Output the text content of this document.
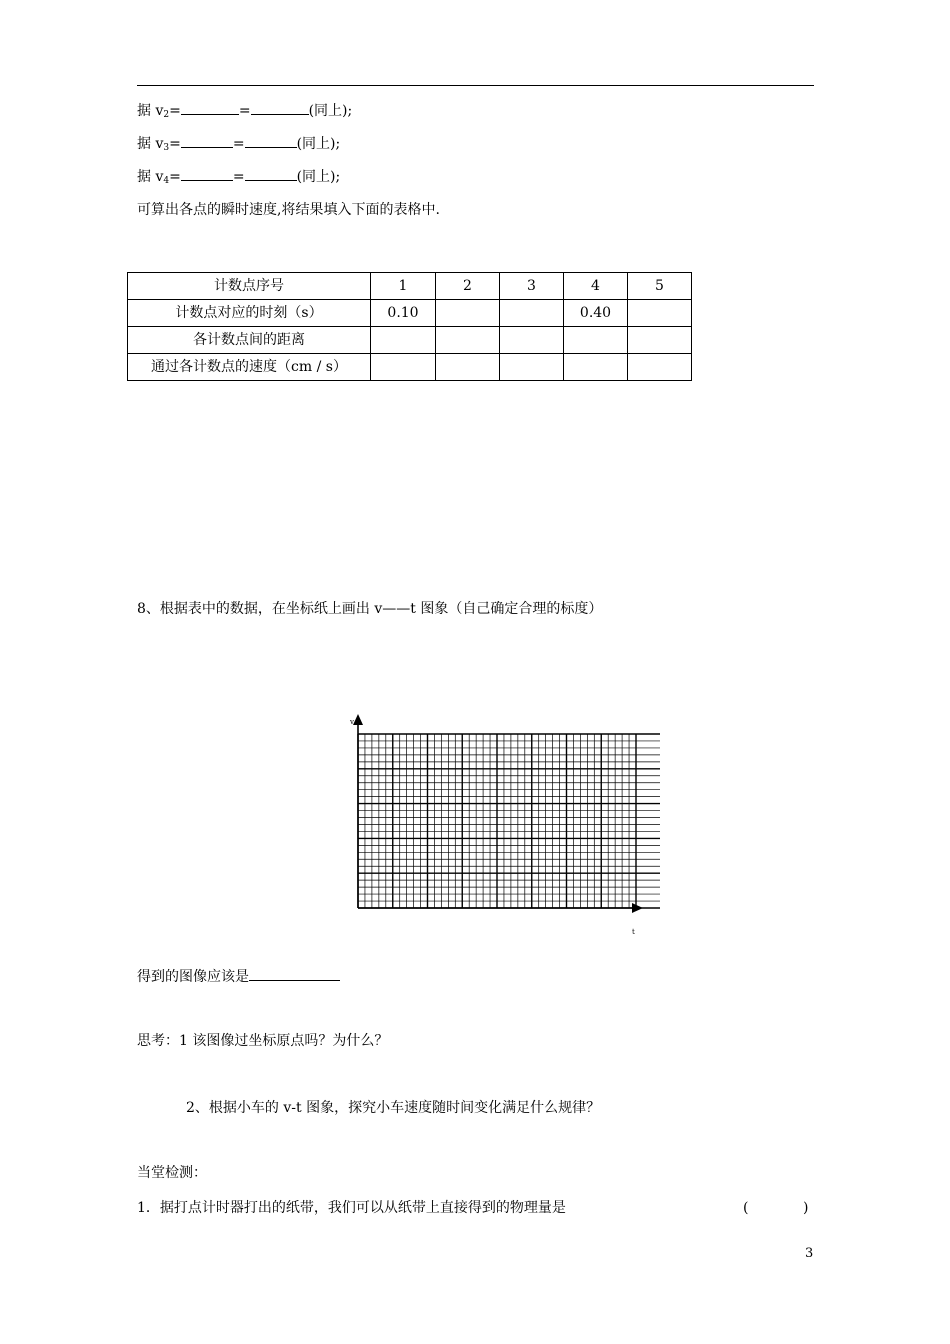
据 $v_2=$	=	(同上);
据 $v_3=$	=	(同上);
据 $v_4=$	=	(同上);
可算出各点的瞬时速度,将结果填入下面的表格中.
计数点序号	1	2	3	4	5
计数点对应的时刻（s）	0.10			0.40	
各计数点间的距离					
通过各计数点的速度（cm / s）					
8、根据表中的数据，在坐标纸上画出 v——t 图象（自己确定合理的标度）
v
t
得到的图像应该是
思考：1 该图像过坐标原点吗？为什么？
2、根据小车的 v-t 图象，探究小车速度随时间变化满足什么规律？
当堂检测：
1．据打点计时器打出的纸带，我们可以从纸带上直接得到的物理量是	(	)
3
